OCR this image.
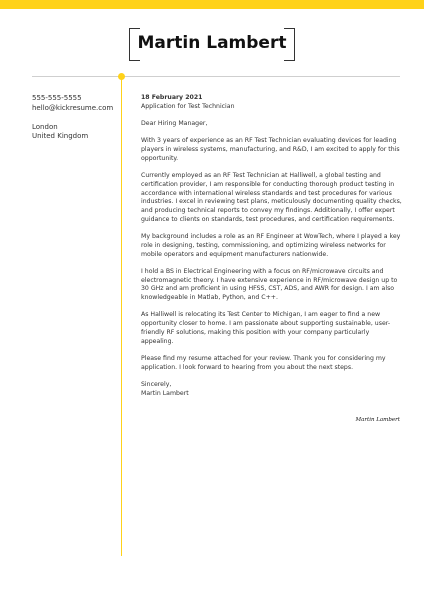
Martin Lambert
555-555-5555
hello@kickresume.com
London
United Kingdom
18 February 2021

Application for Test Technician

Dear Hiring Manager,

With 3 years of experience as an RF Test Technician evaluating devices for leading players in wireless systems, manufacturing, and R&D, I am excited to apply for this opportunity.

Currently employed as an RF Test Technician at Halliwell, a global testing and certification provider, I am responsible for conducting thorough product testing in accordance with international wireless standards and test procedures for various industries. I excel in reviewing test plans, meticulously documenting quality checks, and producing technical reports to convey my findings. Additionally, I offer expert guidance to clients on standards, test procedures, and certification requirements.

My background includes a role as an RF Engineer at WowTech, where I played a key role in designing, testing, commissioning, and optimizing wireless networks for mobile operators and equipment manufacturers nationwide.

I hold a BS in Electrical Engineering with a focus on RF/microwave circuits and electromagnetic theory. I have extensive experience in RF/microwave design up to 30 GHz and am proficient in using HFSS, CST, ADS, and AWR for design. I am also knowledgeable in Matlab, Python, and C++.

As Halliwell is relocating its Test Center to Michigan, I am eager to find a new opportunity closer to home. I am passionate about supporting sustainable, user-friendly RF solutions, making this position with your company particularly appealing.

Please find my resume attached for your review. Thank you for considering my application. I look forward to hearing from you about the next steps.

Sincerely,

Martin Lambert

Martin Lambert
